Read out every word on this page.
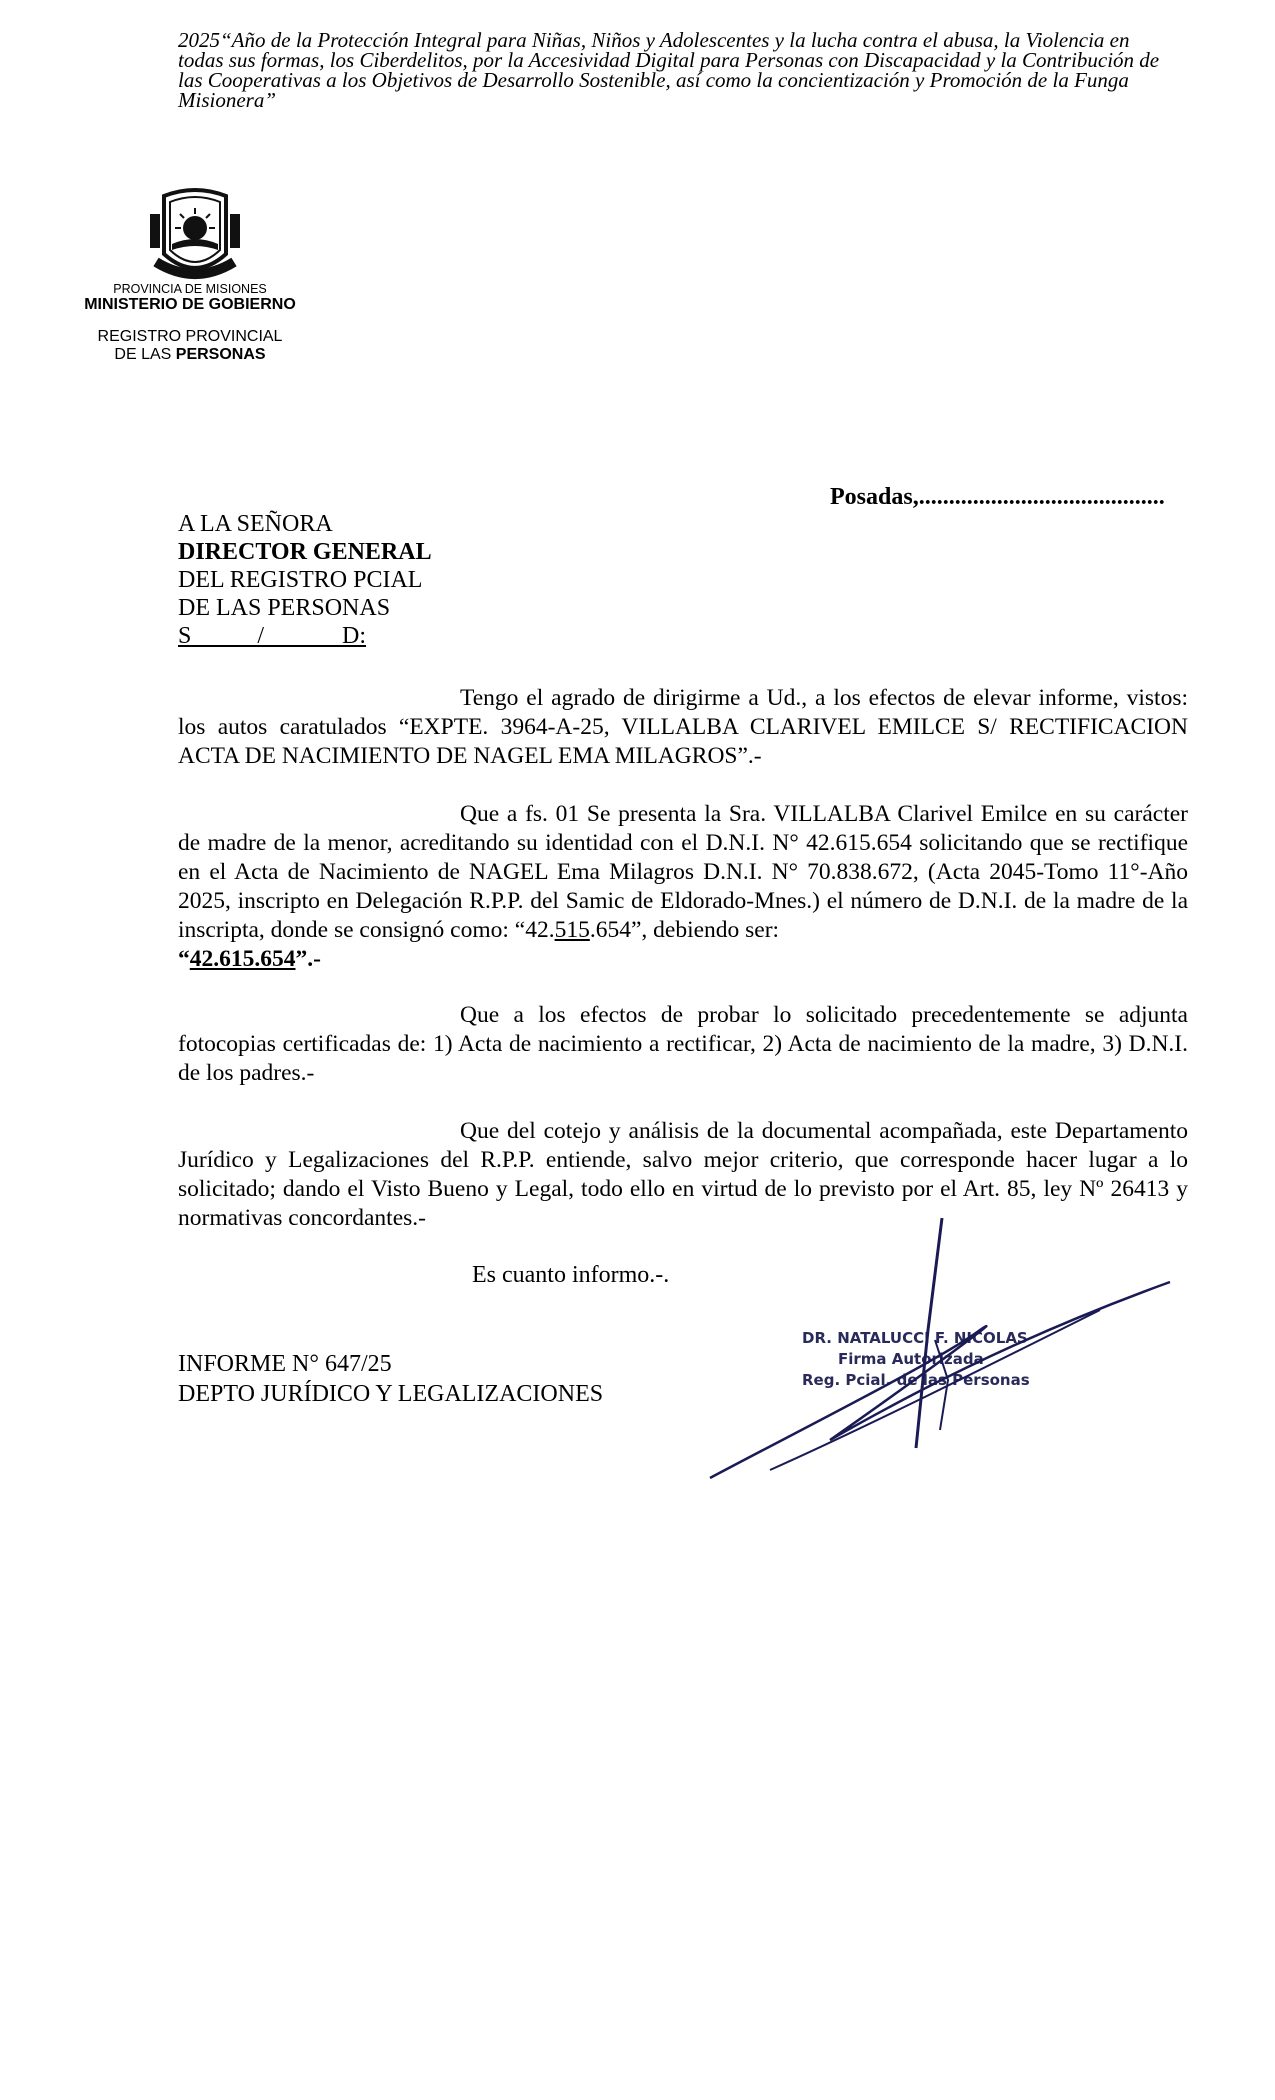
2025“Año de la Protección Integral para Niñas, Niños y Adolescentes y la lucha contra el abusa, la Violencia en todas sus formas, los Ciberdelitos, por la Accesividad Digital para Personas con Discapacidad y la Contribución de las Cooperativas a los Objetivos de Desarrollo Sostenible, así como la concientización y Promoción de la Funga Misionera”
PROVINCIA DE MISIONES
MINISTERIO DE GOBIERNO
REGISTRO PROVINCIAL
DE LAS PERSONAS
Posadas,.........................................
A LA SEÑORA
DIRECTOR GENERAL
DEL REGISTRO PCIAL
DE LAS PERSONAS
S           /             D:
Tengo el agrado de dirigirme a Ud., a los efectos de elevar informe, vistos: los autos caratulados “EXPTE. 3964-A-25, VILLALBA CLARIVEL EMILCE S/ RECTIFICACION ACTA DE NACIMIENTO DE NAGEL EMA MILAGROS”.-
Que a fs. 01 Se presenta la Sra. VILLALBA Clarivel Emilce en su carácter de madre de la menor, acreditando su identidad con el D.N.I. N° 42.615.654 solicitando que se rectifique en el Acta de Nacimiento de NAGEL Ema Milagros D.N.I. N° 70.838.672, (Acta 2045-Tomo 11°-Año 2025, inscripto en Delegación R.P.P. del Samic de Eldorado-Mnes.) el número de D.N.I. de la madre de la inscripta, donde se consignó como: “42.515.654”, debiendo ser:
“42.615.654”.-
Que a los efectos de probar lo solicitado precedentemente se adjunta fotocopias certificadas de: 1) Acta de nacimiento a rectificar, 2) Acta de nacimiento de la madre, 3) D.N.I. de los padres.-
Que del cotejo y análisis de la documental acompañada, este Departamento Jurídico y Legalizaciones del R.P.P. entiende, salvo mejor criterio, que corresponde hacer lugar a lo solicitado; dando el Visto Bueno y Legal, todo ello en virtud de lo previsto por el Art. 85, ley Nº 26413 y normativas concordantes.-
Es cuanto informo.-.
INFORME N° 647/25
DEPTO JURÍDICO Y LEGALIZACIONES
DR. NATALUCCI F. NICOLAS
Firma Autorizada
Reg. Pcial. de las Personas
